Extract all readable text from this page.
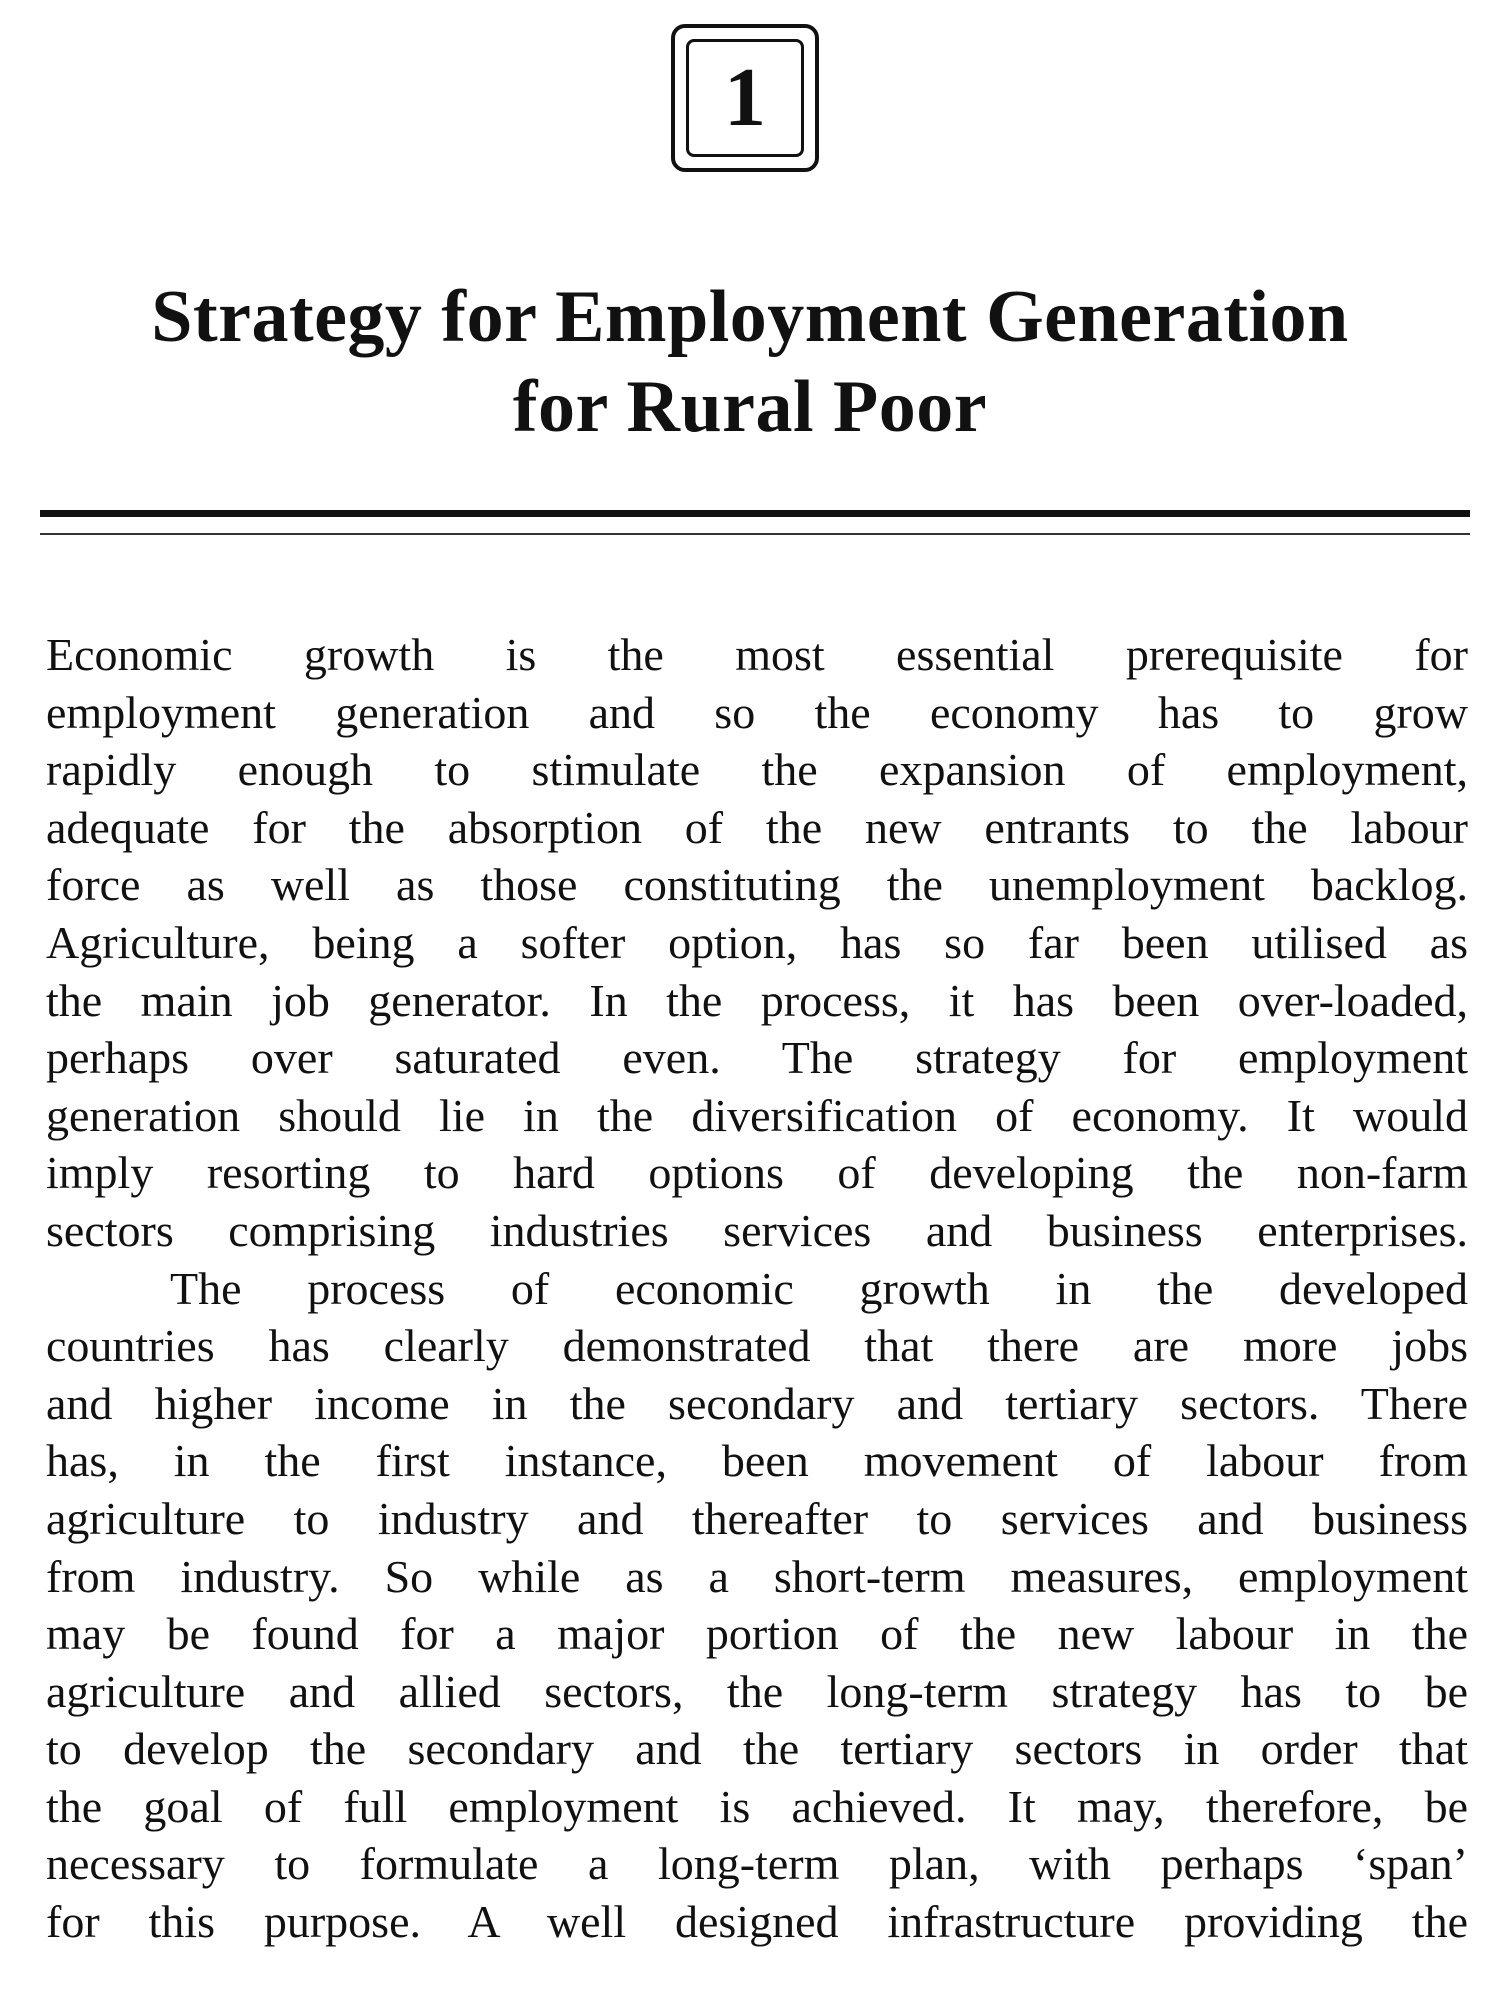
1
Strategy for Employment Generation
for Rural Poor
Economic growth is the most essential prerequisite for
employment generation and so the economy has to grow
rapidly enough to stimulate the expansion of employment,
adequate for the absorption of the new entrants to the labour
force as well as those constituting the unemployment backlog.
Agriculture, being a softer option, has so far been utilised as
the main job generator. In the process, it has been over-loaded,
perhaps over saturated even. The strategy for employment
generation should lie in the diversification of economy. It would
imply resorting to hard options of developing the non-farm
sectors comprising industries services and business enterprises.
The process of economic growth in the developed
countries has clearly demonstrated that there are more jobs
and higher income in the secondary and tertiary sectors. There
has, in the first instance, been movement of labour from
agriculture to industry and thereafter to services and business
from industry. So while as a short-term measures, employment
may be found for a major portion of the new labour in the
agriculture and allied sectors, the long-term strategy has to be
to develop the secondary and the tertiary sectors in order that
the goal of full employment is achieved. It may, therefore, be
necessary to formulate a long-term plan, with perhaps ‘span’
for this purpose. A well designed infrastructure providing the
